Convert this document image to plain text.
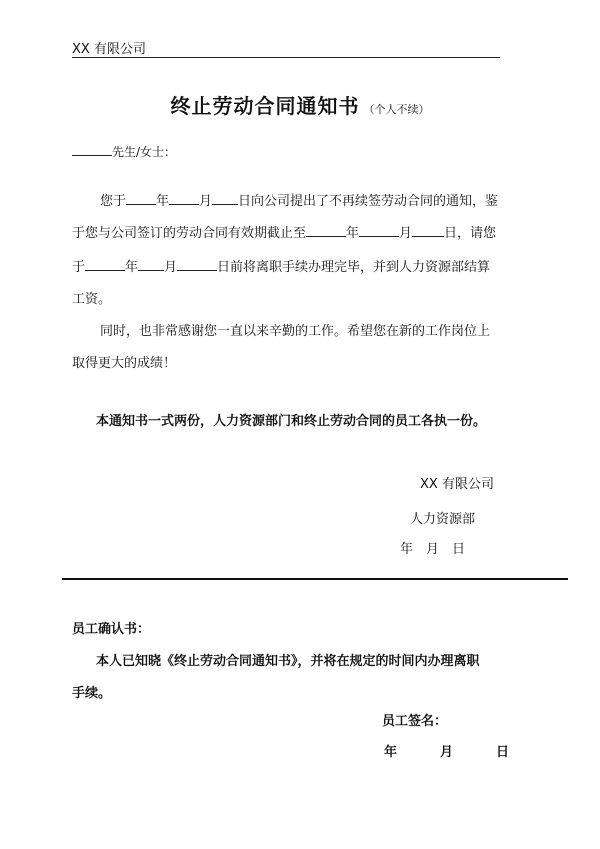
XX 有限公司
终止劳动合同通知书 （个人不续）
先生/女士：
您于 年 月 日向公司提出了不再续签劳动合同的通知，鉴
于您与公司签订的劳动合同有效期截止至	年	月 日，请您
于	年 月	日前将离职手续办理完毕，并到人力资源部结算
工资。
同时，也非常感谢您一直以来辛勤的工作。希望您在新的工作岗位上
取得更大的成绩！
本通知书一式两份，人力资源部门和终止劳动合同的员工各执一份。
XX 有限公司
人力资源部
年　月　日
员工确认书：
本人已知晓《终止劳动合同通知书》，并将在规定的时间内办理离职
手续。
员工签名：
年	月	日
